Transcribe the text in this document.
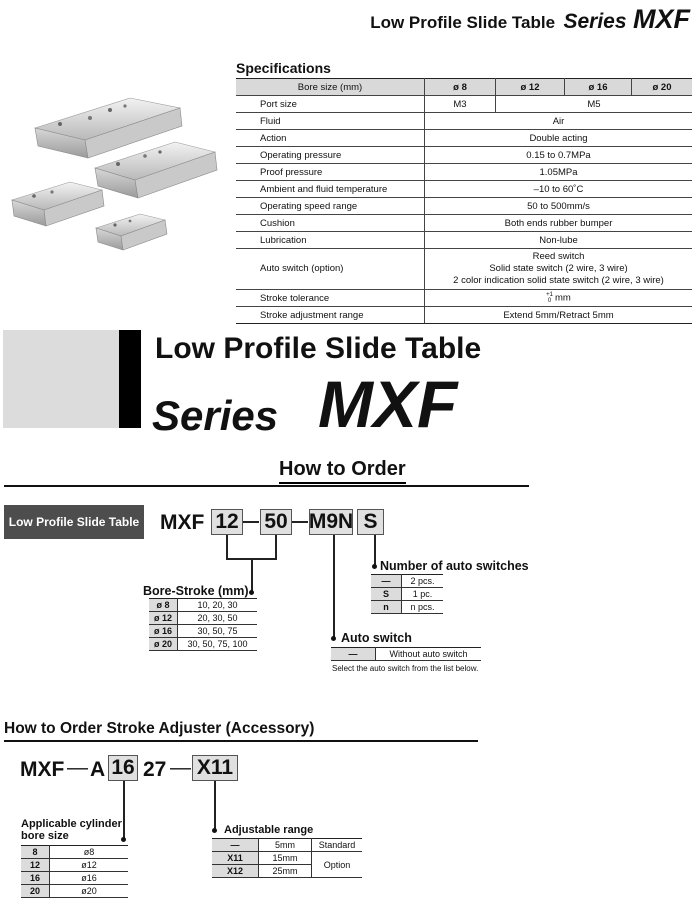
Low Profile Slide Table Series MXF
Specifications
Bore size (mm)	ø 8	ø 12	ø 16	ø 20
Port size	M3	M5		
Fluid	Air			
Action	Double acting			
Operating pressure	0.15 to 0.7MPa			
Proof pressure	1.05MPa			
Ambient and fluid temperature	–10 to 60˚C			
Operating speed range	50 to 500mm/s			
Cushion	Both ends rubber bumper			
Lubrication	Non-lube			
Auto switch (option)	Reed switch
Solid state switch (2 wire, 3 wire)
2 color indication solid state switch (2 wire, 3 wire)			

Stroke tolerance	+1
0 mm			
Stroke adjustment range	Extend 5mm/Retract 5mm			
Low Profile Slide Table
Series MXF
How to Order
Low Profile Slide Table MXF 12 50 M9N S
Bore-Stroke (mm)
ø 8	10, 20, 30
ø 12	20, 30, 50
ø 16	30, 50, 75
ø 20	30, 50, 75, 100
Number of auto switches
—	2 pcs.
S	1 pc.
n	n pcs.
Auto switch
—	Without auto switch
Select the auto switch from the list below.
How to Order Stroke Adjuster (Accessory)
MXF — A 16 27 — X11
Applicable cylinder
bore size
8	ø8
12	ø12
16	ø16
20	ø20
Adjustable range
—	5mm	Standard
X11	15mm	Option
X12	25mm	
